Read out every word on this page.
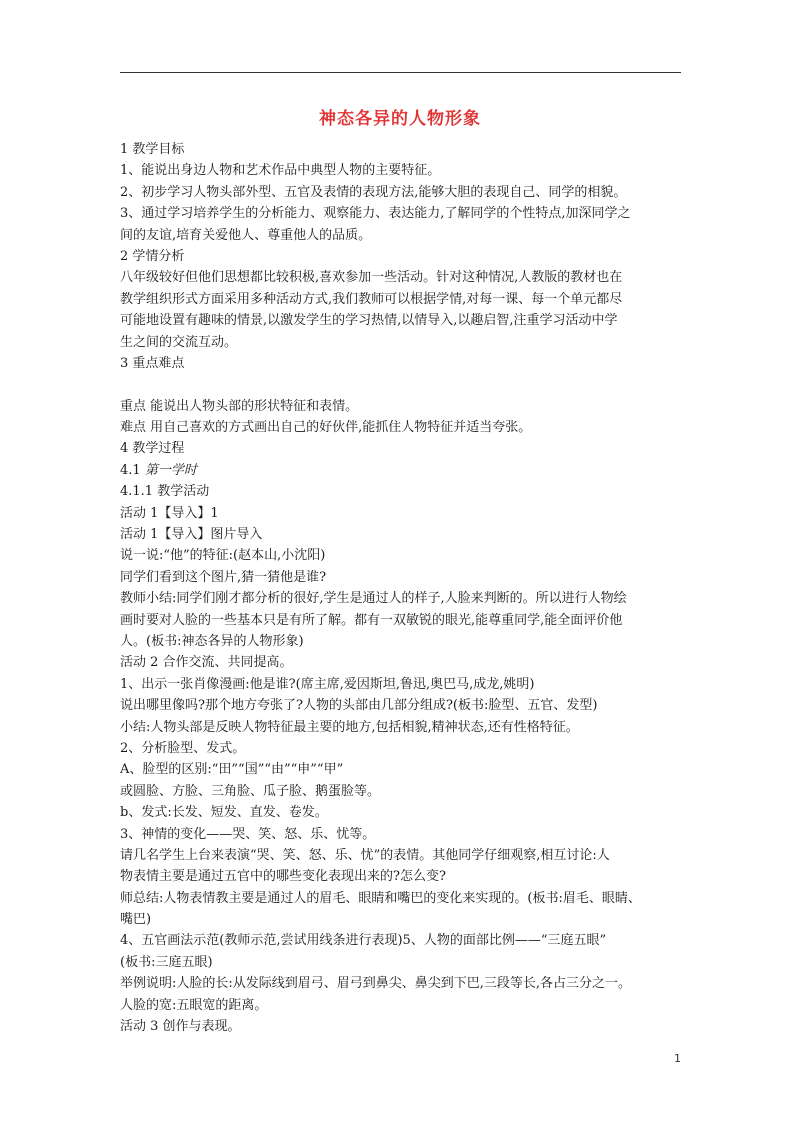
神态各异的人物形象
1 教学目标
1、能说出身边人物和艺术作品中典型人物的主要特征。
2、初步学习人物头部外型、五官及表情的表现方法,能够大胆的表现自己、同学的相貌。
3、通过学习培养学生的分析能力、观察能力、表达能力,了解同学的个性特点,加深同学之
间的友谊,培育关爱他人、尊重他人的品质。
2 学情分析
八年级较好但他们思想都比较积极,喜欢参加一些活动。针对这种情况,人教版的教材也在
教学组织形式方面采用多种活动方式,我们教师可以根据学情,对每一课、每一个单元都尽
可能地设置有趣味的情景,以激发学生的学习热情,以情导入,以趣启智,注重学习活动中学
生之间的交流互动。
3 重点难点
重点 能说出人物头部的形状特征和表情。
难点 用自己喜欢的方式画出自己的好伙伴,能抓住人物特征并适当夸张。
4 教学过程
4.1 第一学时
4.1.1 教学活动
活动 1【导入】1
活动 1【导入】图片导入
说一说:“他”的特征:(赵本山,小沈阳)
同学们看到这个图片,猜一猜他是谁?
教师小结:同学们刚才都分析的很好,学生是通过人的样子,人脸来判断的。所以进行人物绘
画时要对人脸的一些基本只是有所了解。都有一双敏锐的眼光,能尊重同学,能全面评价他
人。(板书:神态各异的人物形象)
活动 2 合作交流、共同提高。
1、出示一张肖像漫画:他是谁?(席主席,爱因斯坦,鲁迅,奥巴马,成龙,姚明)
说出哪里像吗?那个地方夸张了?人物的头部由几部分组成?(板书:脸型、五官、发型)
小结:人物头部是反映人物特征最主要的地方,包括相貌,精神状态,还有性格特征。
2、分析脸型、发式。
A、脸型的区别:“田”“国”“由”“申”“甲”
或圆脸、方脸、三角脸、瓜子脸、鹅蛋脸等。
b、发式:长发、短发、直发、卷发。
3、神情的变化——哭、笑、怒、乐、忧等。
请几名学生上台来表演“哭、笑、怒、乐、忧”的表情。其他同学仔细观察,相互讨论:人
物表情主要是通过五官中的哪些变化表现出来的?怎么变?
师总结:人物表情教主要是通过人的眉毛、眼睛和嘴巴的变化来实现的。(板书:眉毛、眼睛、
嘴巴)
4、五官画法示范(教师示范,尝试用线条进行表现)5、人物的面部比例——“三庭五眼”
(板书:三庭五眼)
举例说明:人脸的长:从发际线到眉弓、眉弓到鼻尖、鼻尖到下巴,三段等长,各占三分之一。
人脸的宽:五眼宽的距离。
活动 3 创作与表现。
1
